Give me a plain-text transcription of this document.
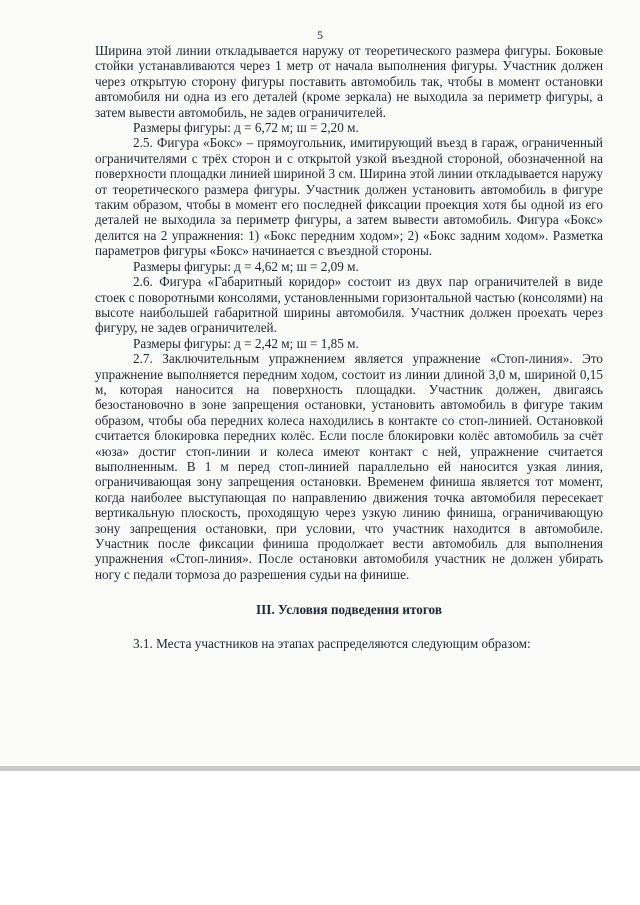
5

Ширина этой линии откладывается наружу от теоретического размера фигуры. Боковые стойки устанавливаются через 1 метр от начала выполнения фигуры. Участник должен через открытую сторону фигуры поставить автомобиль так, чтобы в момент остановки автомобиля ни одна из его деталей (кроме зеркала) не выходила за периметр фигуры, а затем вывести автомобиль, не задев ограничителей.

Размеры фигуры: д = 6,72 м; ш = 2,20 м.

2.5. Фигура «Бокс» – прямоугольник, имитирующий въезд в гараж, ограниченный ограничителями с трёх сторон и с открытой узкой въездной стороной, обозначенной на поверхности площадки линией шириной 3 см. Ширина этой линии откладывается наружу от теоретического размера фигуры. Участник должен установить автомобиль в фигуре таким образом, чтобы в момент его последней фиксации проекция хотя бы одной из его деталей не выходила за периметр фигуры, а затем вывести автомобиль. Фигура «Бокс» делится на 2 упражнения: 1) «Бокс передним ходом»; 2) «Бокс задним ходом». Разметка параметров фигуры «Бокс» начинается с въездной стороны.

Размеры фигуры: д = 4,62 м; ш = 2,09 м.

2.6. Фигура «Габаритный коридор» состоит из двух пар ограничителей в виде стоек с поворотными консолями, установленными горизонтальной частью (консолями) на высоте наибольшей габаритной ширины автомобиля. Участник должен проехать через фигуру, не задев ограничителей.

Размеры фигуры: д = 2,42 м; ш = 1,85 м.

2.7. Заключительным упражнением является упражнение «Стоп-линия». Это упражнение выполняется передним ходом, состоит из линии длиной 3,0 м, шириной 0,15 м, которая наносится на поверхность площадки. Участник должен, двигаясь безостановочно в зоне запрещения остановки, установить автомобиль в фигуре таким образом, чтобы оба передних колеса находились в контакте со стоп-линией. Остановкой считается блокировка передних колёс. Если после блокировки колёс автомобиль за счёт «юза» достиг стоп-линии и колеса имеют контакт с ней, упражнение считается выполненным. В 1 м перед стоп-линией параллельно ей наносится узкая линия, ограничивающая зону запрещения остановки. Временем финиша является тот момент, когда наиболее выступающая по направлению движения точка автомобиля пересекает вертикальную плоскость, проходящую через узкую линию финиша, ограничивающую зону запрещения остановки, при условии, что участник находится в автомобиле. Участник после фиксации финиша продолжает вести автомобиль для выполнения упражнения «Стоп-линия». После остановки автомобиля участник не должен убирать ногу с педали тормоза до разрешения судьи на финише.

III. Условия подведения итогов

3.1. Места участников на этапах распределяются следующим образом:
